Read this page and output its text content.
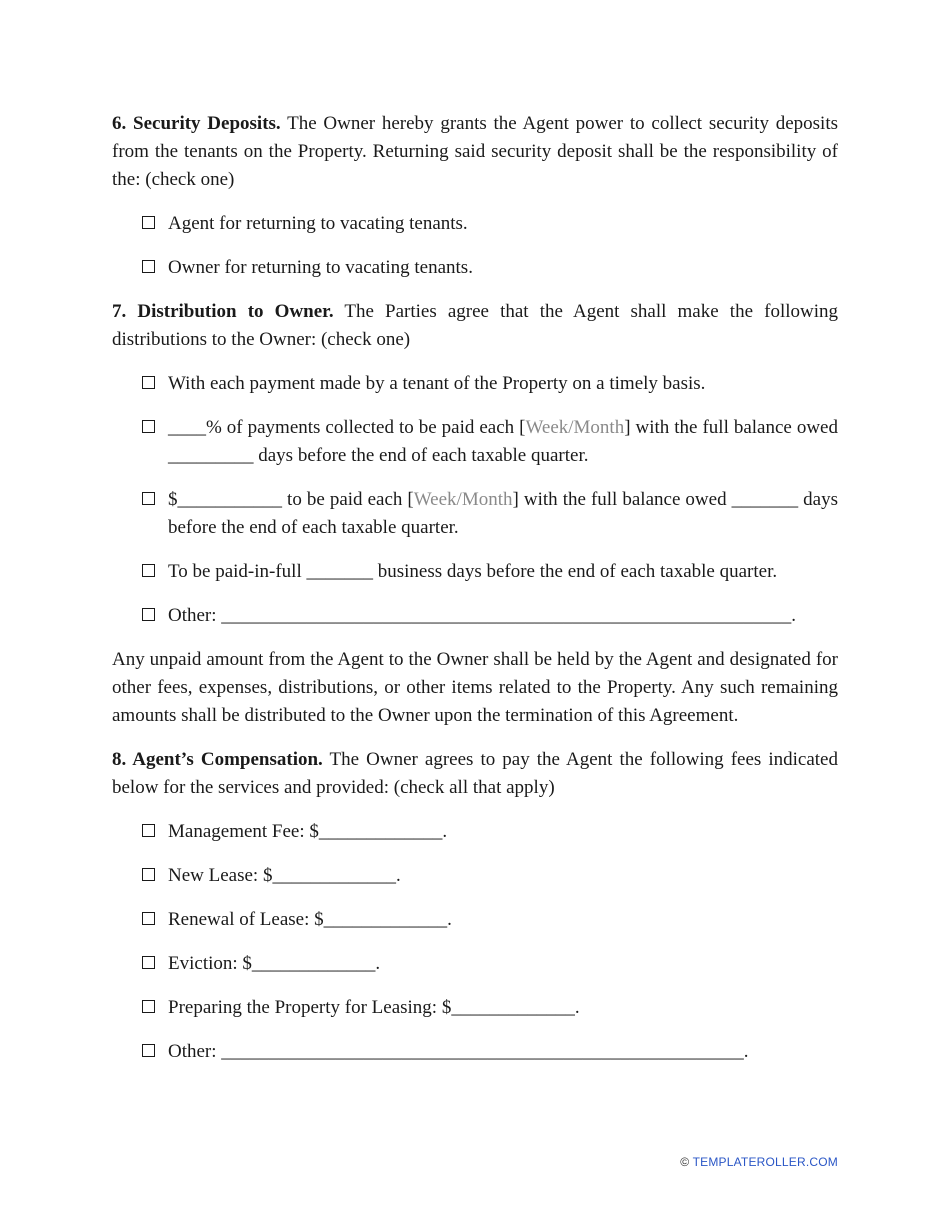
6. Security Deposits. The Owner hereby grants the Agent power to collect security deposits from the tenants on the Property. Returning said security deposit shall be the responsibility of the: (check one)

Agent for returning to vacating tenants.
Owner for returning to vacating tenants.

7. Distribution to Owner. The Parties agree that the Agent shall make the following distributions to the Owner: (check one)

With each payment made by a tenant of the Property on a timely basis.
____% of payments collected to be paid each [Week/Month] with the full balance owed _________ days before the end of each taxable quarter.
$___________ to be paid each [Week/Month] with the full balance owed _______ days before the end of each taxable quarter.
To be paid-in-full _______ business days before the end of each taxable quarter.
Other: ____________________________________________________________.

Any unpaid amount from the Agent to the Owner shall be held by the Agent and designated for other fees, expenses, distributions, or other items related to the Property. Any such remaining amounts shall be distributed to the Owner upon the termination of this Agreement.

8. Agent’s Compensation. The Owner agrees to pay the Agent the following fees indicated below for the services and provided: (check all that apply)

Management Fee: $_____________.
New Lease: $_____________.
Renewal of Lease: $_____________.
Eviction: $_____________.
Preparing the Property for Leasing: $_____________.
Other: _______________________________________________________.
© TEMPLATEROLLER.COM
